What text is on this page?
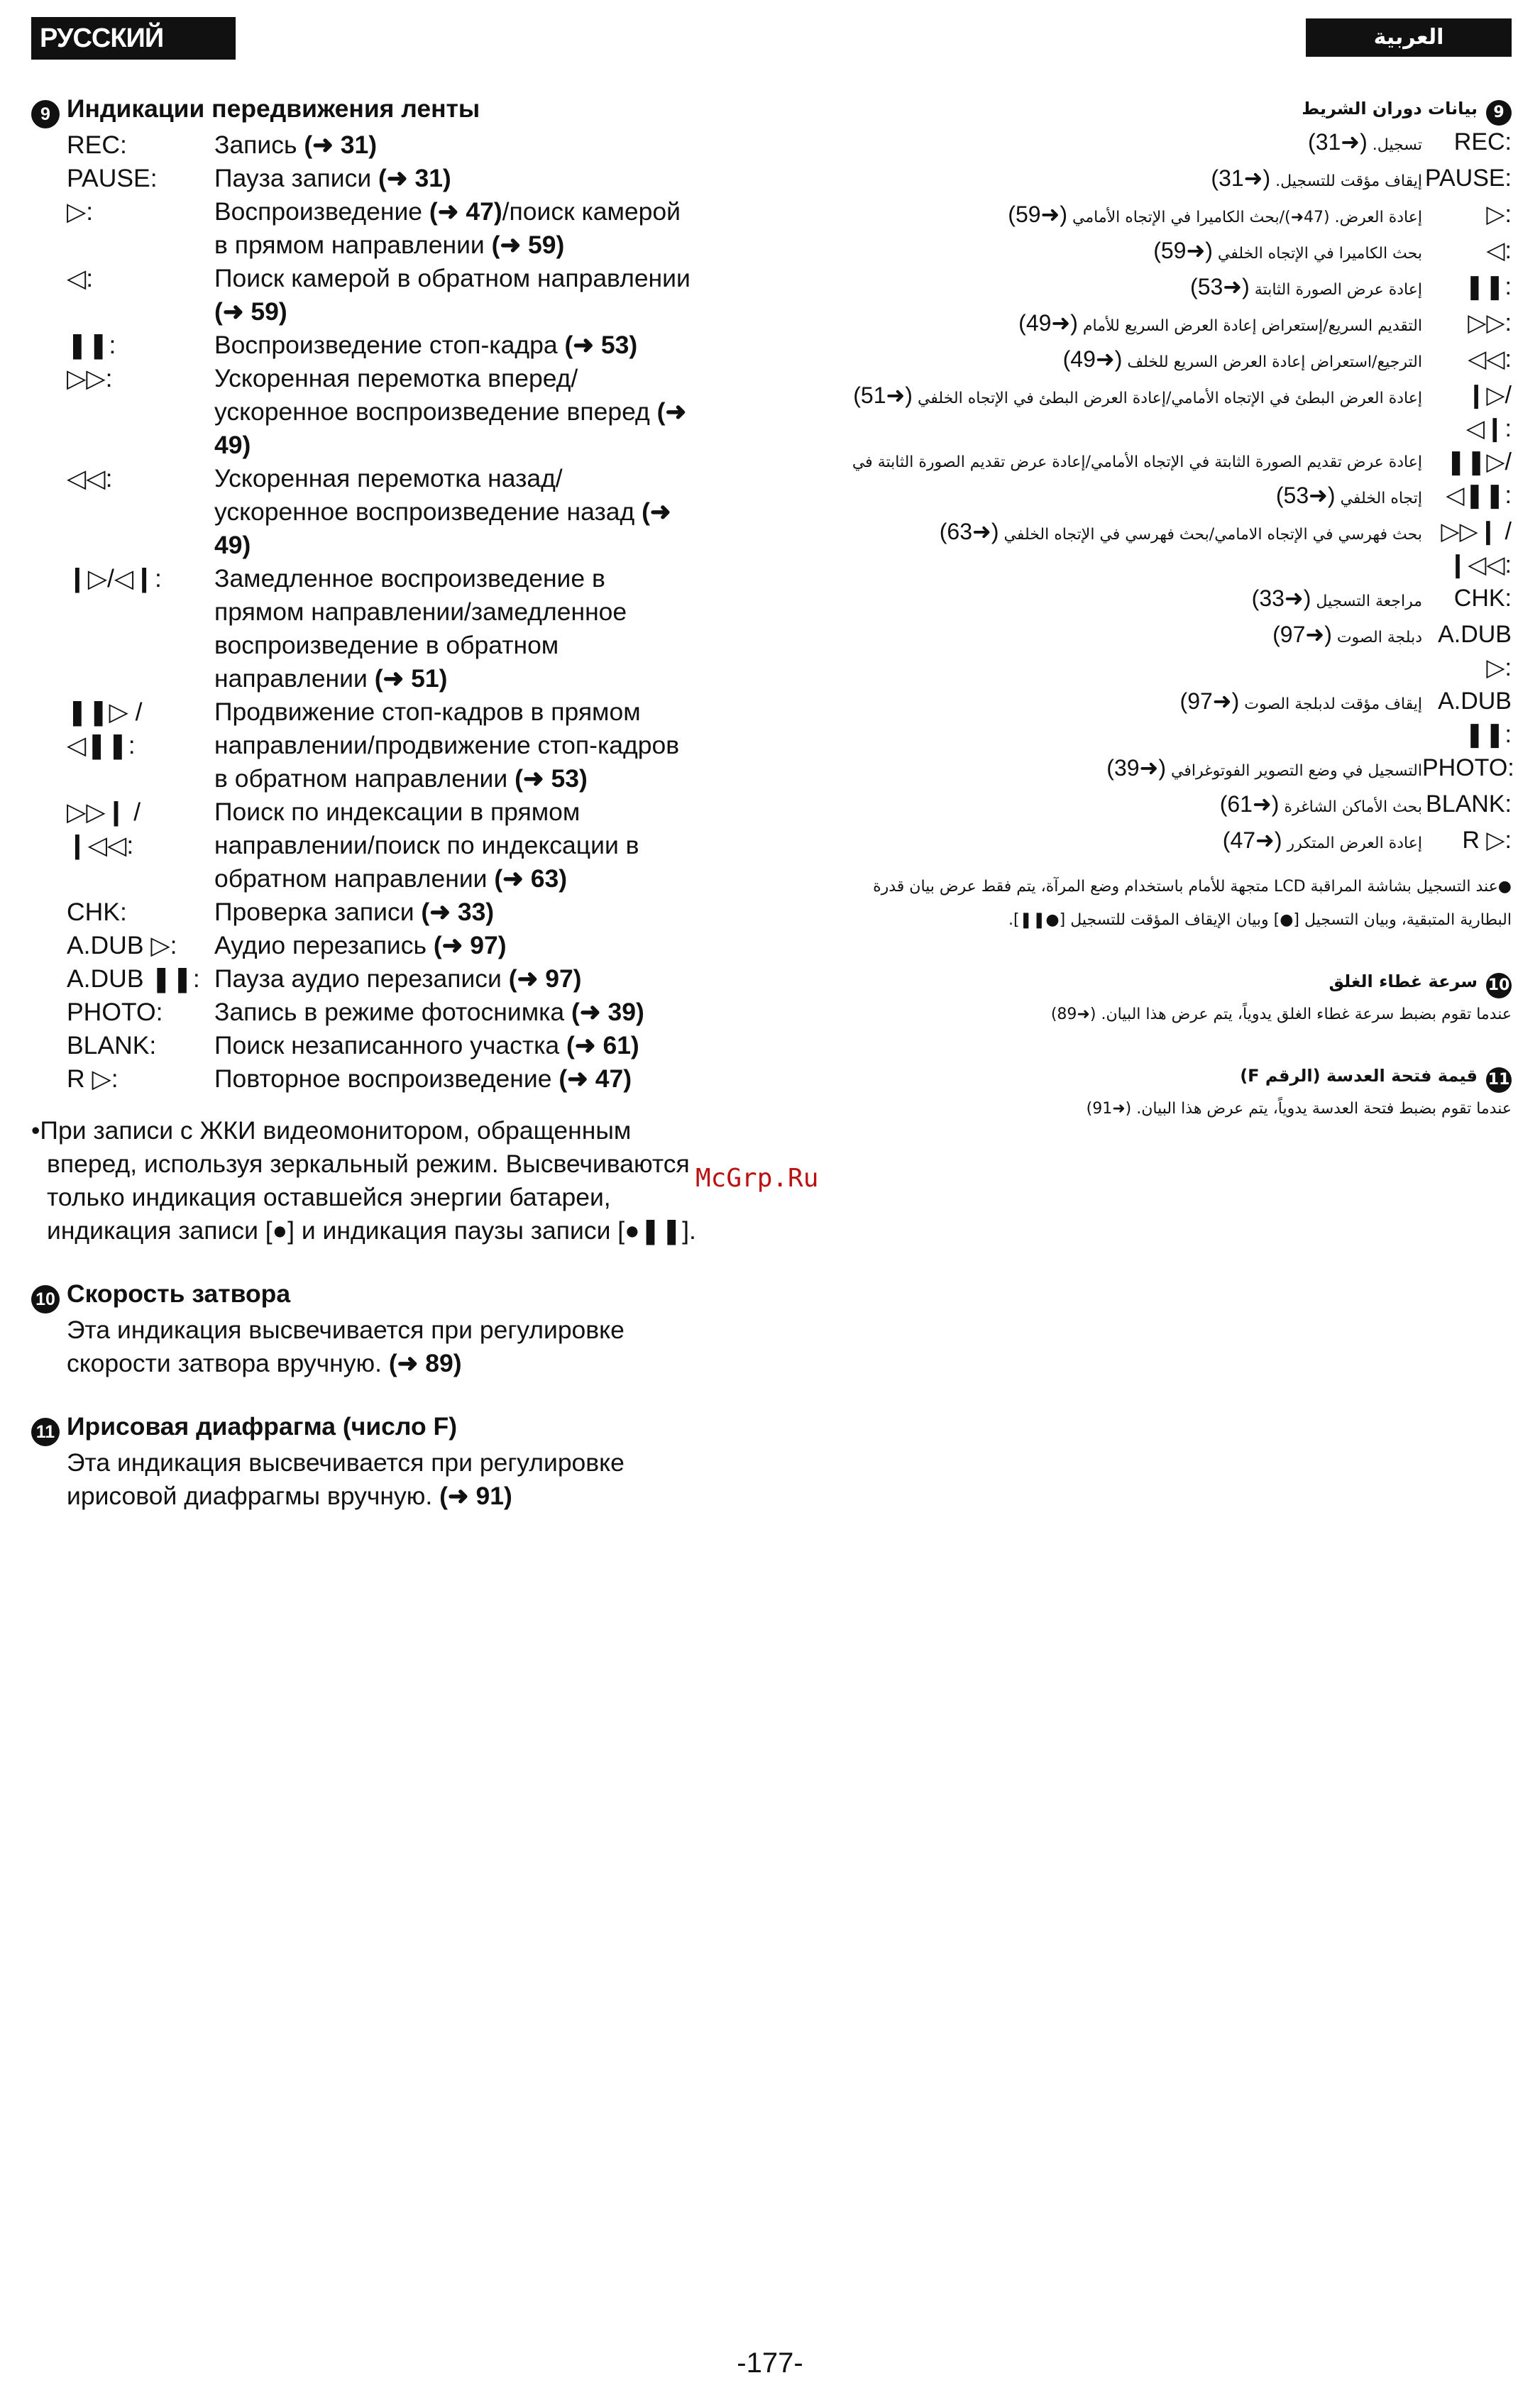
РУССКИЙ ЯЗЫК
العربية
9 Индикации передвижения ленты
REC:	Запись (➜ 31)
PAUSE:	Пауза записи (➜ 31)
▷:	Воспроизведение (➜ 47)/поиск камерой в прямом направлении (➜ 59)
◁:	Поиск камерой в обратном направлении (➜ 59)
❚❚:	Воспроизведение стоп-кадра (➜ 53)
▷▷:	Ускоренная перемотка вперед/ ускоренное воспроизведение вперед (➜ 49)
◁◁:	Ускоренная перемотка назад/ ускоренное воспроизведение назад (➜ 49)
❙▷/◁❙:	Замедленное воспроизведение в прямом направлении/замедленное воспроизведение в обратном направлении (➜ 51)
❚❚▷ / ◁❚❚:
Продвижение стоп-кадров в прямом направлении/продвижение стоп-кадров в обратном направлении (➜ 53)
▷▷❙ / ❙◁◁:
Поиск по индексации в прямом направлении/поиск по индексации в обратном направлении (➜ 63)
CHK:	Проверка записи (➜ 33)
A.DUB ▷:	Аудио перезапись (➜ 97)
A.DUB ❚❚: Пауза аудио перезаписи (➜ 97)
PHOTO:	Запись в режиме фотоснимка (➜ 39)
BLANK:	Поиск незаписанного участка (➜ 61)
R ▷:	Повторное воспроизведение (➜ 47)
•При записи с ЖКИ видеомонитором, обращенным вперед, используя зеркальный режим. Высвечиваются только индикация оставшейся энергии батареи, индикация записи [●] и индикация паузы записи [●❚❚].
10 Скорость затвора
Эта индикация высвечивается при регулировке скорости затвора вручную. (➜ 89)
11 Ирисовая диафрагма (число F)
Эта индикация высвечивается при регулировке ирисовой диафрагмы вручную. (➜ 91)
9بيانات دوران الشريط
REC:
تسجيل. (➜31)
PAUSE:
إيقاف مؤقت للتسجيل. (➜31)
▷:
إعادة العرض. (47➜)/بحث الكاميرا في الإتجاه الأمامي (➜59)
◁:
بحث الكاميرا في الإتجاه الخلفي (➜59)
❚❚:
إعادة عرض الصورة الثابتة (➜53)
▷▷:
التقديم السريع/إستعراض إعادة العرض السريع للأمام (➜49)
◁◁:
الترجيع/استعراض إعادة العرض السريع للخلف (➜49)
❙▷/◁❙:
إعادة العرض البطئ في الإتجاه الأمامي/إعادة العرض البطئ في الإتجاه الخلفي (➜51)
❚❚▷/◁❚❚:
إعادة عرض تقديم الصورة الثابتة في الإتجاه الأمامي/إعادة عرض تقديم الصورة الثابتة في إتجاه الخلفي (➜53)
▷▷❙ / ❙◁◁:
بحث فهرسي في الإتجاه الامامي/بحث فهرسي في الإتجاه الخلفي (➜63)
CHK:
مراجعة التسجيل (➜33)
A.DUB ▷:
دبلجة الصوت (➜97)
A.DUB ❚❚:
إيقاف مؤقت لدبلجة الصوت (➜97)
PHOTO:
التسجيل في وضع التصوير الفوتوغرافي (➜39)
BLANK:
بحث الأماكن الشاغرة (➜61)
R ▷:
إعادة العرض المتكرر (➜47)
●عند التسجيل بشاشة المراقبة LCD متجهة للأمام باستخدام وضع المرآة، يتم فقط عرض بيان قدرة البطارية المتبقية، وبيان التسجيل [●] وبيان الإيقاف المؤقت للتسجيل [●❚❚].
10سرعة غطاء الغلق
عندما تقوم بضبط سرعة غطاء الغلق يدوياً، يتم عرض هذا البيان. (➜89)
11قيمة فتحة العدسة (الرقم F)
عندما تقوم بضبط فتحة العدسة يدوياً، يتم عرض هذا البيان. (➜91)
McGrp.Ru
-177-
